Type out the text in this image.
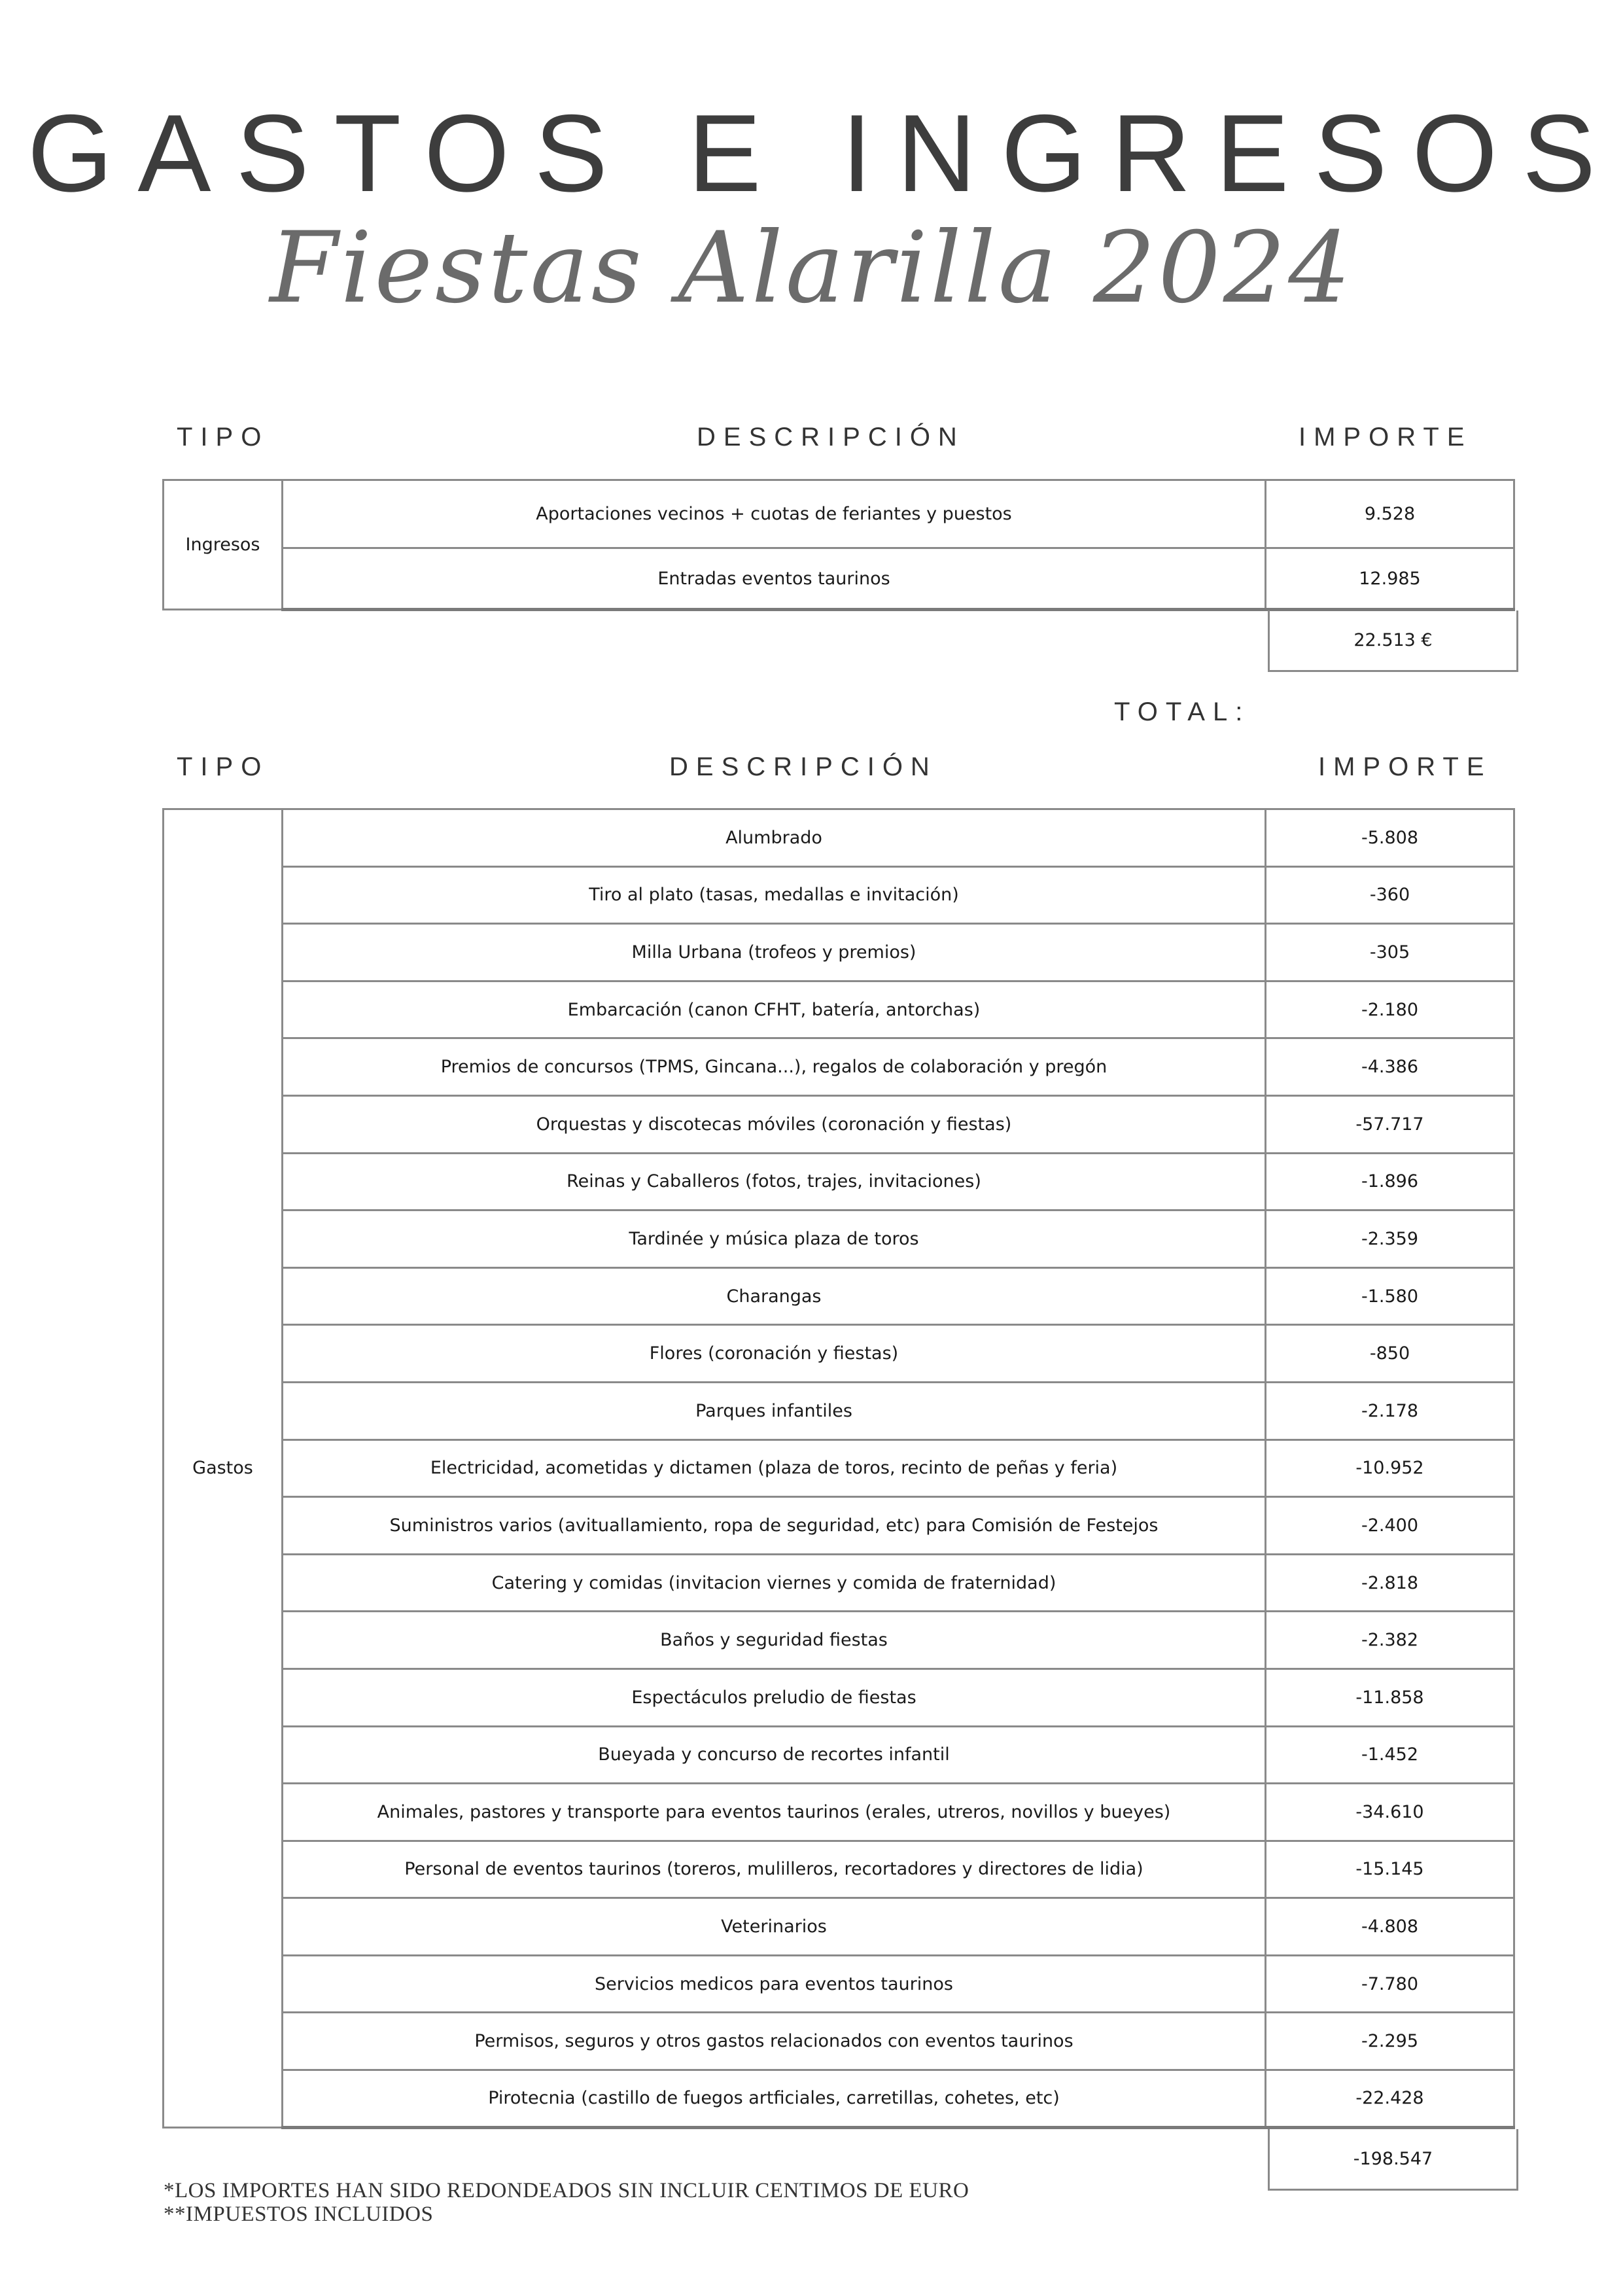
GASTOS E INGRESOS
Fiestas Alarilla 2024
TIPO	DESCRIPCIÓN	IMPORTE
Ingresos	Aportaciones vecinos + cuotas de feriantes y puestos	9.528
	Entradas eventos taurinos	12.985
22.513 €
TOTAL:
TIPO	DESCRIPCIÓN	IMPORTE
Gastos	Alumbrado	-5.808
	Tiro al plato (tasas, medallas e invitación)	-360
	Milla Urbana (trofeos y premios)	-305
	Embarcación (canon CFHT, batería, antorchas)	-2.180
	Premios de concursos (TPMS, Gincana...), regalos de colaboración y pregón	-4.386
	Orquestas y discotecas móviles (coronación y fiestas)	-57.717
	Reinas y Caballeros (fotos, trajes, invitaciones)	-1.896
	Tardinée y música plaza de toros	-2.359
	Charangas	-1.580
	Flores (coronación y fiestas)	-850
	Parques infantiles	-2.178
	Electricidad, acometidas y dictamen (plaza de toros, recinto de peñas y feria)	-10.952
	Suministros varios (avituallamiento, ropa de seguridad, etc) para Comisión de Festejos	-2.400
	Catering y comidas (invitacion viernes y comida de fraternidad)	-2.818
	Baños y seguridad fiestas	-2.382
	Espectáculos preludio de fiestas	-11.858
	Bueyada y concurso de recortes infantil	-1.452
	Animales, pastores y transporte para eventos taurinos (erales, utreros, novillos y bueyes)	-34.610
	Personal de eventos taurinos (toreros, mulilleros, recortadores y directores de lidia)	-15.145
	Veterinarios	-4.808
	Servicios medicos para eventos taurinos	-7.780
	Permisos, seguros y otros gastos relacionados con eventos taurinos	-2.295
	Pirotecnia (castillo de fuegos artficiales, carretillas, cohetes, etc)	-22.428
-198.547
*LOS IMPORTES HAN SIDO REDONDEADOS SIN INCLUIR CENTIMOS DE EURO
**IMPUESTOS INCLUIDOS
